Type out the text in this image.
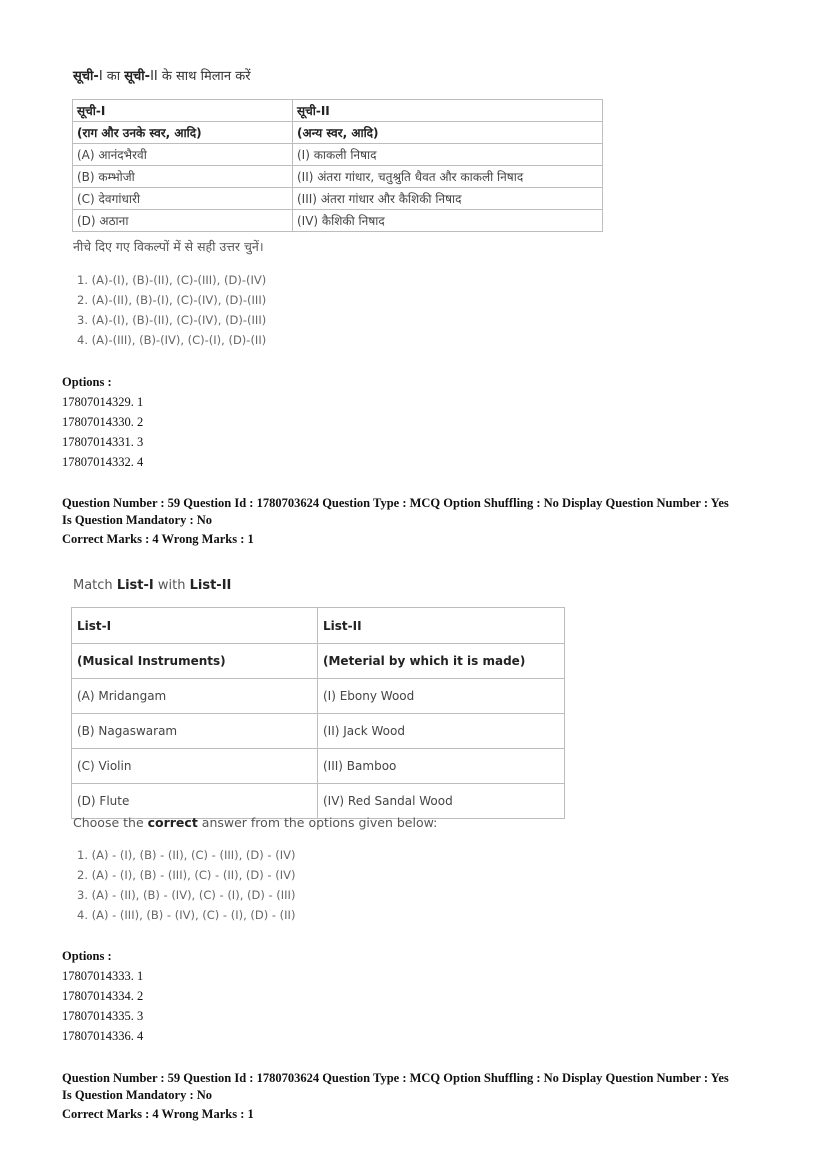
सूची-I का सूची-II के साथ मिलान करें
सूची-I	सूची-II
(राग और उनके स्वर, आदि)	(अन्य स्वर, आदि)
(A) आनंदभैरवी	(I) काकली निषाद
(B) कम्भोजी	(II) अंतरा गांधार, चतुश्रुति धैवत और काकली निषाद
(C) देवगांधारी	(III) अंतरा गांधार और कैशिकी निषाद
(D) अठाना	(IV) कैशिकी निषाद
नीचे दिए गए विकल्पों में से सही उत्तर चुनें।
1. (A)-(I), (B)-(II), (C)-(III), (D)-(IV)
2. (A)-(II), (B)-(I), (C)-(IV), (D)-(III)
3. (A)-(I), (B)-(II), (C)-(IV), (D)-(III)
4. (A)-(III), (B)-(IV), (C)-(I), (D)-(II)
Options :
17807014329. 1
17807014330. 2
17807014331. 3
17807014332. 4
Question Number : 59 Question Id : 1780703624 Question Type : MCQ Option Shuffling : No Display Question Number : Yes
Is Question Mandatory : No
Correct Marks : 4 Wrong Marks : 1
Match List-I with List-II
List-I	List-II
(Musical Instruments)	(Meterial by which it is made)
(A) Mridangam	(I) Ebony Wood
(B) Nagaswaram	(II) Jack Wood
(C) Violin	(III) Bamboo
(D) Flute	(IV) Red Sandal Wood
Choose the correct answer from the options given below:
1. (A) - (I), (B) - (II), (C) - (III), (D) - (IV)
2. (A) - (I), (B) - (III), (C) - (II), (D) - (IV)
3. (A) - (II), (B) - (IV), (C) - (I), (D) - (III)
4. (A) - (III), (B) - (IV), (C) - (I), (D) - (II)
Options :
17807014333. 1
17807014334. 2
17807014335. 3
17807014336. 4
Question Number : 59 Question Id : 1780703624 Question Type : MCQ Option Shuffling : No Display Question Number : Yes
Is Question Mandatory : No
Correct Marks : 4 Wrong Marks : 1
